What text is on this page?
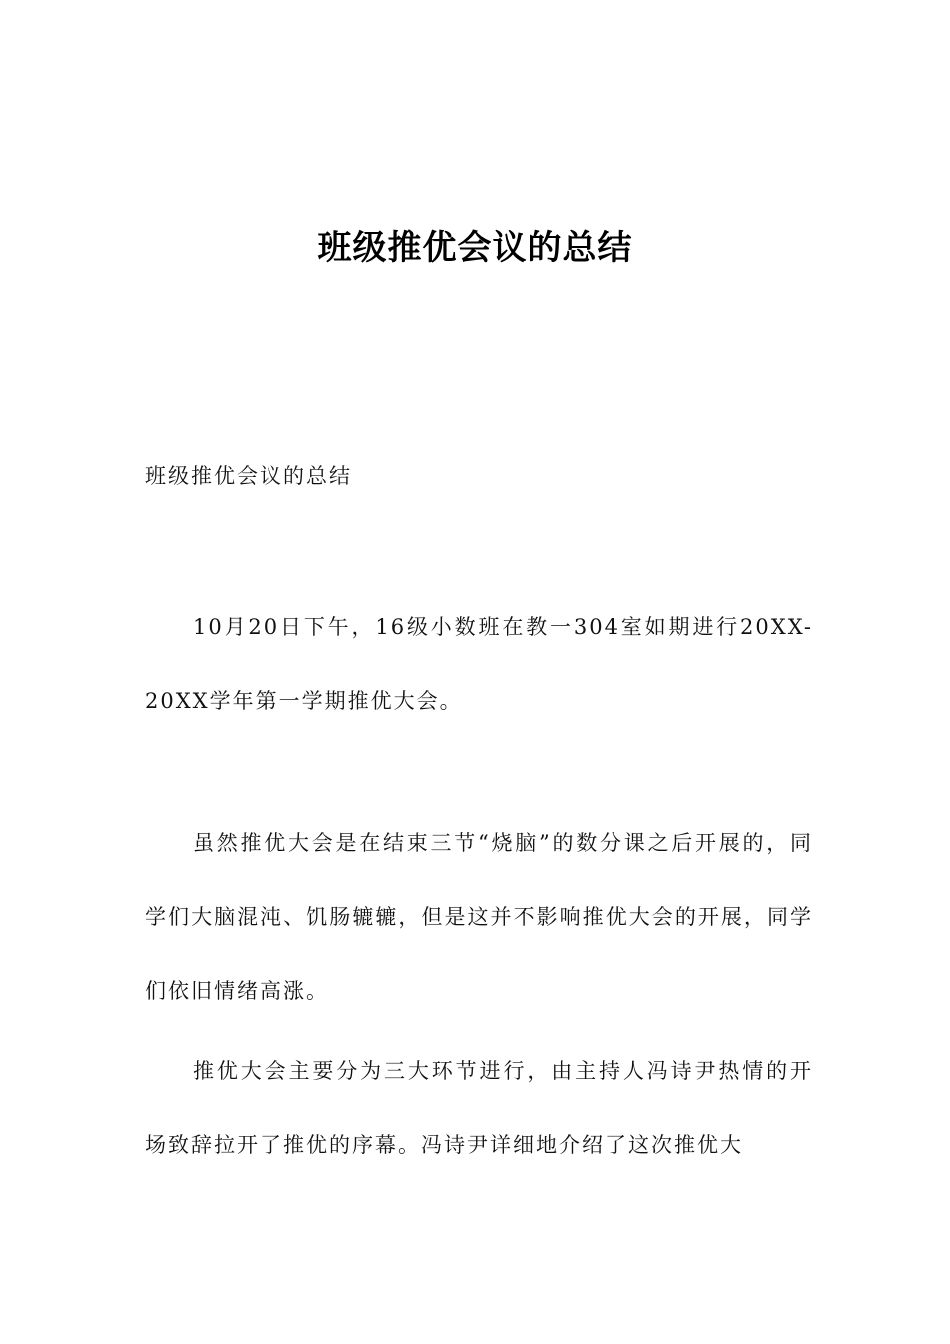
班级推优会议的总结
班级推优会议的总结

10月20日下午，16级小数班在教一304室如期进行20XX-20XX学年第一学期推优大会。

虽然推优大会是在结束三节“烧脑”的数分课之后开展的，同学们大脑混沌、饥肠辘辘，但是这并不影响推优大会的开展，同学们依旧情绪高涨。

推优大会主要分为三大环节进行，由主持人冯诗尹热情的开场致辞拉开了推优的序幕。冯诗尹详细地介绍了这次推优大
